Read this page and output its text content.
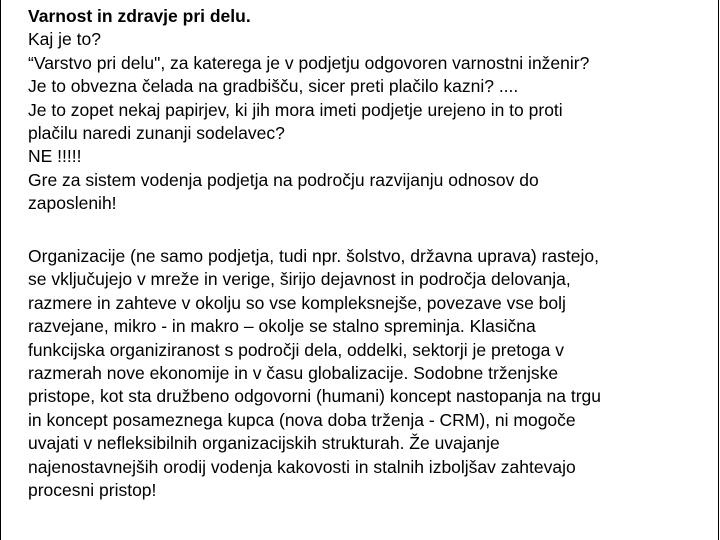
Varnost in zdravje pri delu.
Kaj je to?
“Varstvo pri delu", za katerega je v podjetju odgovoren varnostni inženir?
Je to obvezna čelada na gradbišču, sicer preti plačilo kazni? ....
Je to zopet nekaj papirjev, ki jih mora imeti podjetje urejeno in to proti
plačilu naredi zunanji sodelavec?
NE !!!!!
Gre za sistem vodenja podjetja na področju razvijanju odnosov do
zaposlenih!
Organizacije (ne samo podjetja, tudi npr. šolstvo, državna uprava) rastejo,
se vključujejo v mreže in verige, širijo dejavnost in področja delovanja,
razmere in zahteve v okolju so vse kompleksnejše, povezave vse bolj
razvejane, mikro - in makro – okolje se stalno spreminja. Klasična
funkcijska organiziranost s področji dela, oddelki, sektorji je pretoga v
razmerah nove ekonomije in v času globalizacije. Sodobne trženjske
pristope, kot sta družbeno odgovorni (humani) koncept nastopanja na trgu
in koncept posameznega kupca (nova doba trženja - CRM), ni mogoče
uvajati v nefleksibilnih organizacijskih strukturah. Že uvajanje
najenostavnejših orodij vodenja kakovosti in stalnih izboljšav zahtevajo
procesni pristop!
